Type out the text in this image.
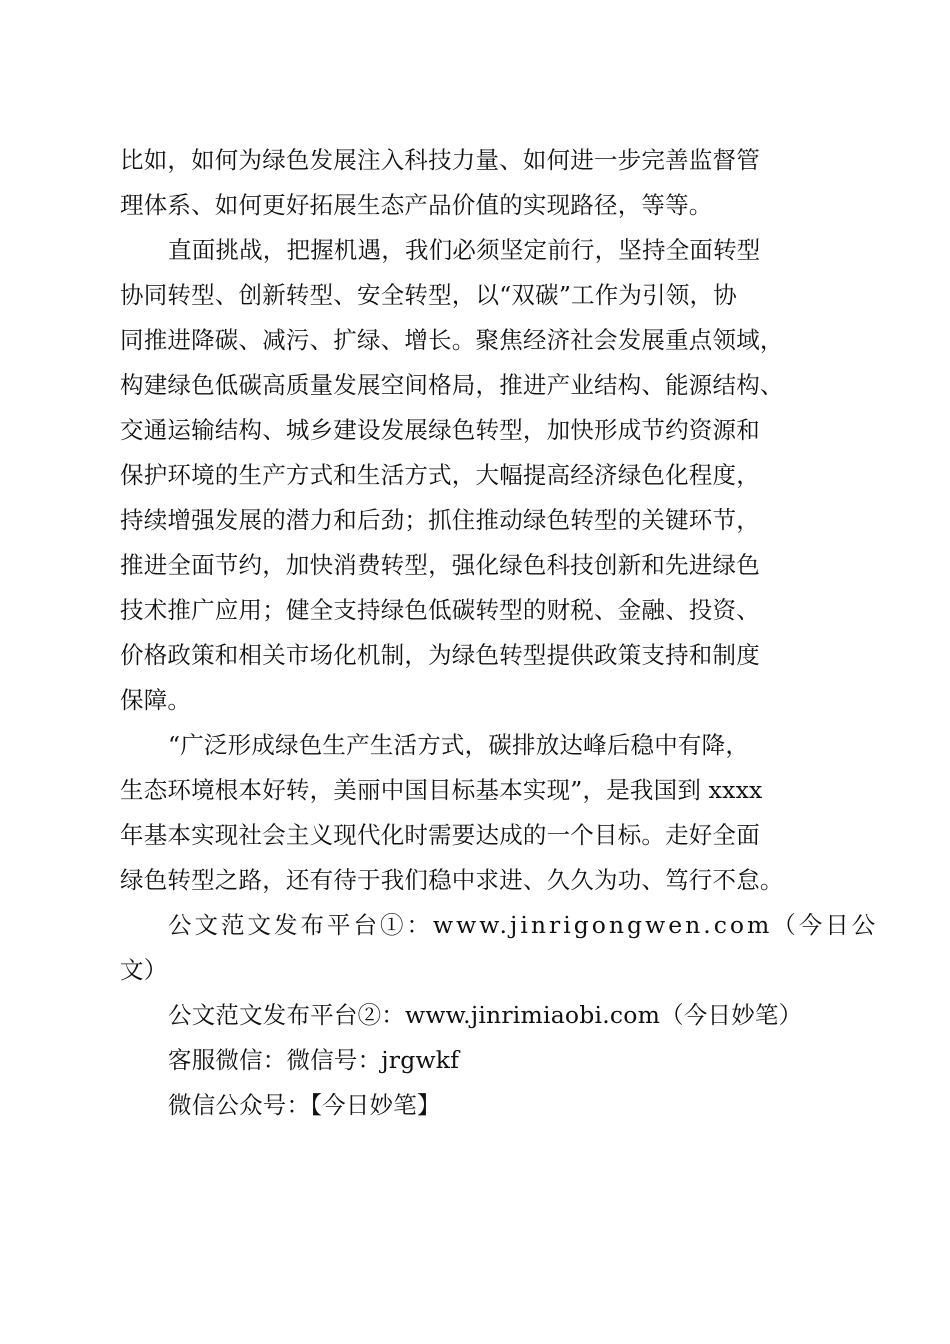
比如，如何为绿色发展注入科技力量、如何进一步完善监督管
理体系、如何更好拓展生态产品价值的实现路径，等等。
直面挑战，把握机遇，我们必须坚定前行，坚持全面转型
协同转型、创新转型、安全转型，以“双碳”工作为引领，协
同推进降碳、减污、扩绿、增长。聚焦经济社会发展重点领域，
构建绿色低碳高质量发展空间格局，推进产业结构、能源结构、
交通运输结构、城乡建设发展绿色转型，加快形成节约资源和
保护环境的生产方式和生活方式，大幅提高经济绿色化程度，
持续增强发展的潜力和后劲；抓住推动绿色转型的关键环节，
推进全面节约，加快消费转型，强化绿色科技创新和先进绿色
技术推广应用；健全支持绿色低碳转型的财税、金融、投资、
价格政策和相关市场化机制，为绿色转型提供政策支持和制度
保障。
“广泛形成绿色生产生活方式，碳排放达峰后稳中有降，
生态环境根本好转，美丽中国目标基本实现”，是我国到 xxxx
年基本实现社会主义现代化时需要达成的一个目标。走好全面
绿色转型之路，还有待于我们稳中求进、久久为功、笃行不怠。
公文范文发布平台①：www.jinrigongwen.com（今日公
文）
公文范文发布平台②：www.jinrimiaobi.com（今日妙笔）
客服微信：微信号：jrgwkf
微信公众号：【今日妙笔】
